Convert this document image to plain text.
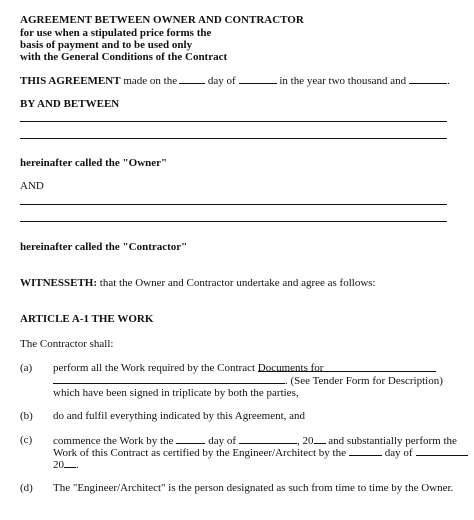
AGREEMENT BETWEEN OWNER AND CONTRACTOR
for use when a stipulated price forms the
basis of payment and to be used only
with the General Conditions of the Contract
THIS AGREEMENT made on the	day of	in the year two thousand and	.
BY AND BETWEEN
hereinafter called the "Owner"
AND
hereinafter called the "Contractor"
WITNESSETH: that the Owner and Contractor undertake and agree as follows:
ARTICLE A-1 THE WORK
The Contractor shall:
(a) perform all the Work required by the Contract Documents for
. (See Tender Form for Description)
which have been signed in triplicate by both the parties,
(b) do and fulfil everything indicated by this Agreement, and
(c) commence the Work by the	day of	, 20 and substantially perform the
Work of this Contract as certified by the Engineer/Architect by the	day of
20 .
(d) The "Engineer/Architect" is the person designated as such from time to time by the Owner.
